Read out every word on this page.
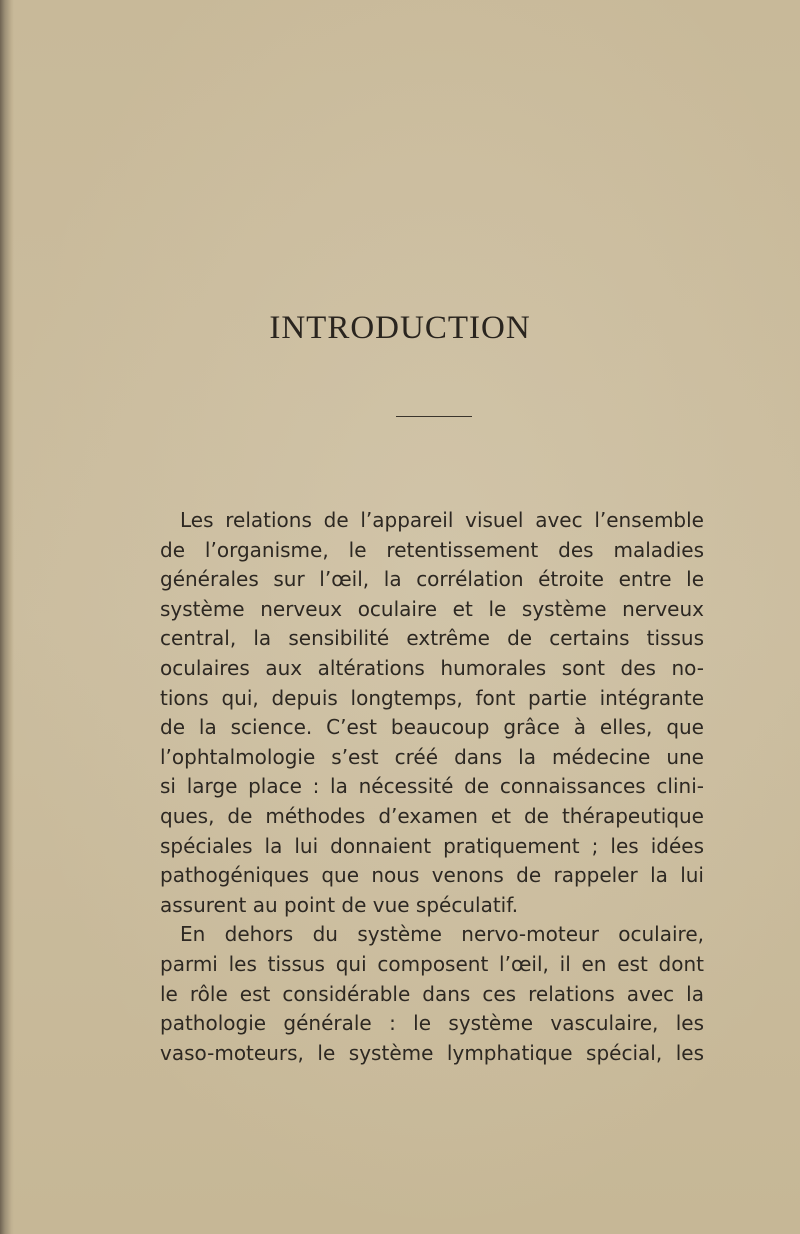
INTRODUCTION
Les relations de l’appareil visuel avec l’ensemble
de l’organisme, le retentissement des maladies
générales sur l’œil, la corrélation étroite entre le
système nerveux oculaire et le système nerveux
central, la sensibilité extrême de certains tissus
oculaires aux altérations humorales sont des no-
tions qui, depuis longtemps, font partie intégrante
de la science. C’est beaucoup grâce à elles, que
l’ophtalmologie s’est créé dans la médecine une
si large place : la nécessité de connaissances clini-
ques, de méthodes d’examen et de thérapeutique
spéciales la lui donnaient pratiquement ; les idées
pathogéniques que nous venons de rappeler la lui
assurent au point de vue spéculatif.
En dehors du système nervo-moteur oculaire,
parmi les tissus qui composent l’œil, il en est dont
le rôle est considérable dans ces relations avec la
pathologie générale : le système vasculaire, les
vaso-moteurs, le système lymphatique spécial, les
